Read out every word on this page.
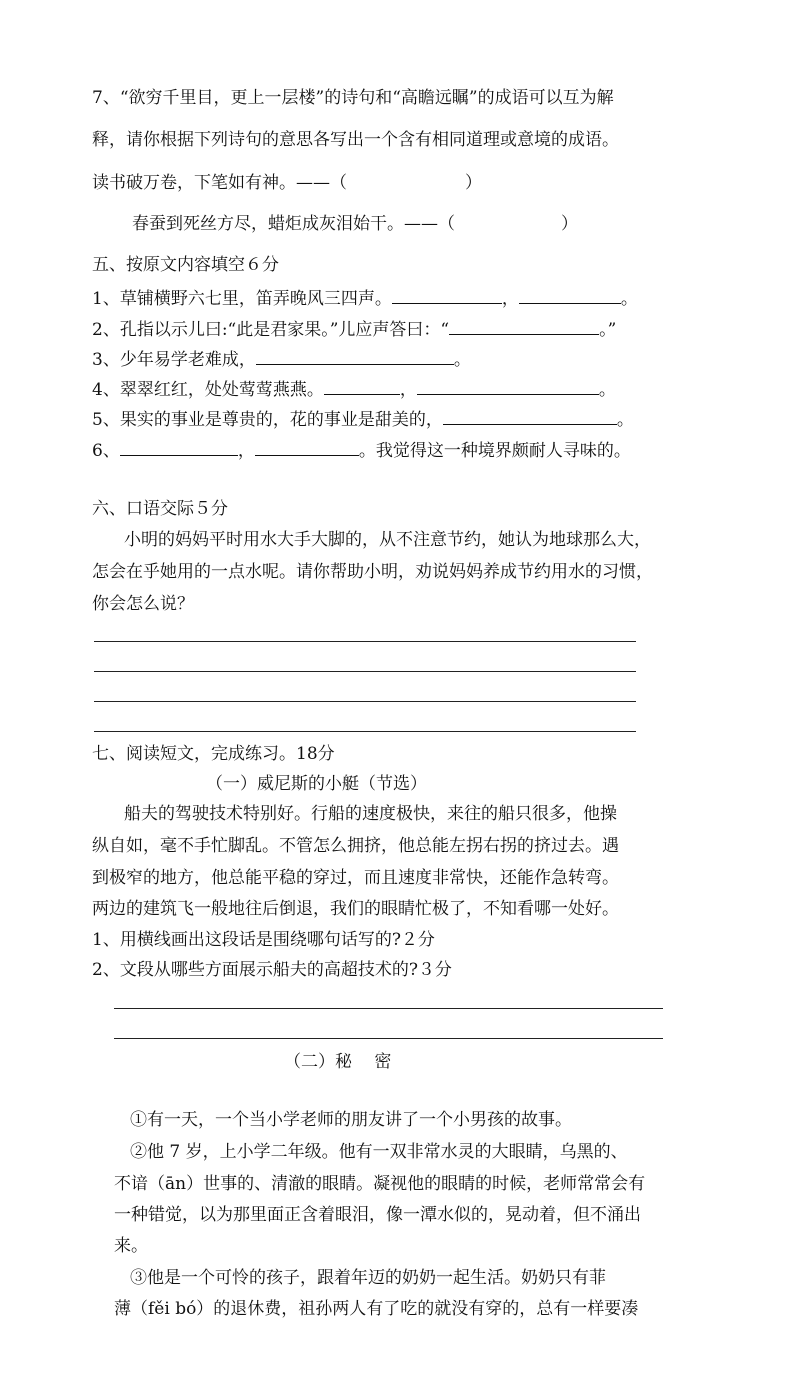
7、“欲穷千里目，更上一层楼”的诗句和“高瞻远瞩”的成语可以互为解
释，请你根据下列诗句的意思各写出一个含有相同道理或意境的成语。
读书破万卷，下笔如有神。——（	）
春蚕到死丝方尽，蜡炬成灰泪始干。——（	）
五、按原文内容填空６分
1、草铺横野六七里，笛弄晚风三四声。	，	。
2、孔指以示儿曰:“此是君家果。”儿应声答曰：“	。”
3、少年易学老难成，	。
4、翠翠红红，处处莺莺燕燕。	，	。
5、果实的事业是尊贵的，花的事业是甜美的，	。
6、	，	。我觉得这一种境界颇耐人寻味的。
六、口语交际５分
小明的妈妈平时用水大手大脚的，从不注意节约，她认为地球那么大，
怎会在乎她用的一点水呢。请你帮助小明，劝说妈妈养成节约用水的习惯，
你会怎么说？
七、阅读短文，完成练习。18分
（一）威尼斯的小艇（节选）
船夫的驾驶技术特别好。行船的速度极快，来往的船只很多，他操
纵自如，毫不手忙脚乱。不管怎么拥挤，他总能左拐右拐的挤过去。遇
到极窄的地方，他总能平稳的穿过，而且速度非常快，还能作急转弯。
两边的建筑飞一般地往后倒退，我们的眼睛忙极了，不知看哪一处好。
1、用横线画出这段话是围绕哪句话写的?２分
2、文段从哪些方面展示船夫的高超技术的?３分
（二）秘　 密
①有一天，一个当小学老师的朋友讲了一个小男孩的故事。
②他 7 岁，上小学二年级。他有一双非常水灵的大眼睛，乌黑的、
不谙（ān）世事的、清澈的眼睛。凝视他的眼睛的时候，老师常常会有
一种错觉，以为那里面正含着眼泪，像一潭水似的，晃动着，但不涌出
来。
③他是一个可怜的孩子，跟着年迈的奶奶一起生活。奶奶只有菲
薄（fěi bó）的退休费，祖孙两人有了吃的就没有穿的，总有一样要凑
